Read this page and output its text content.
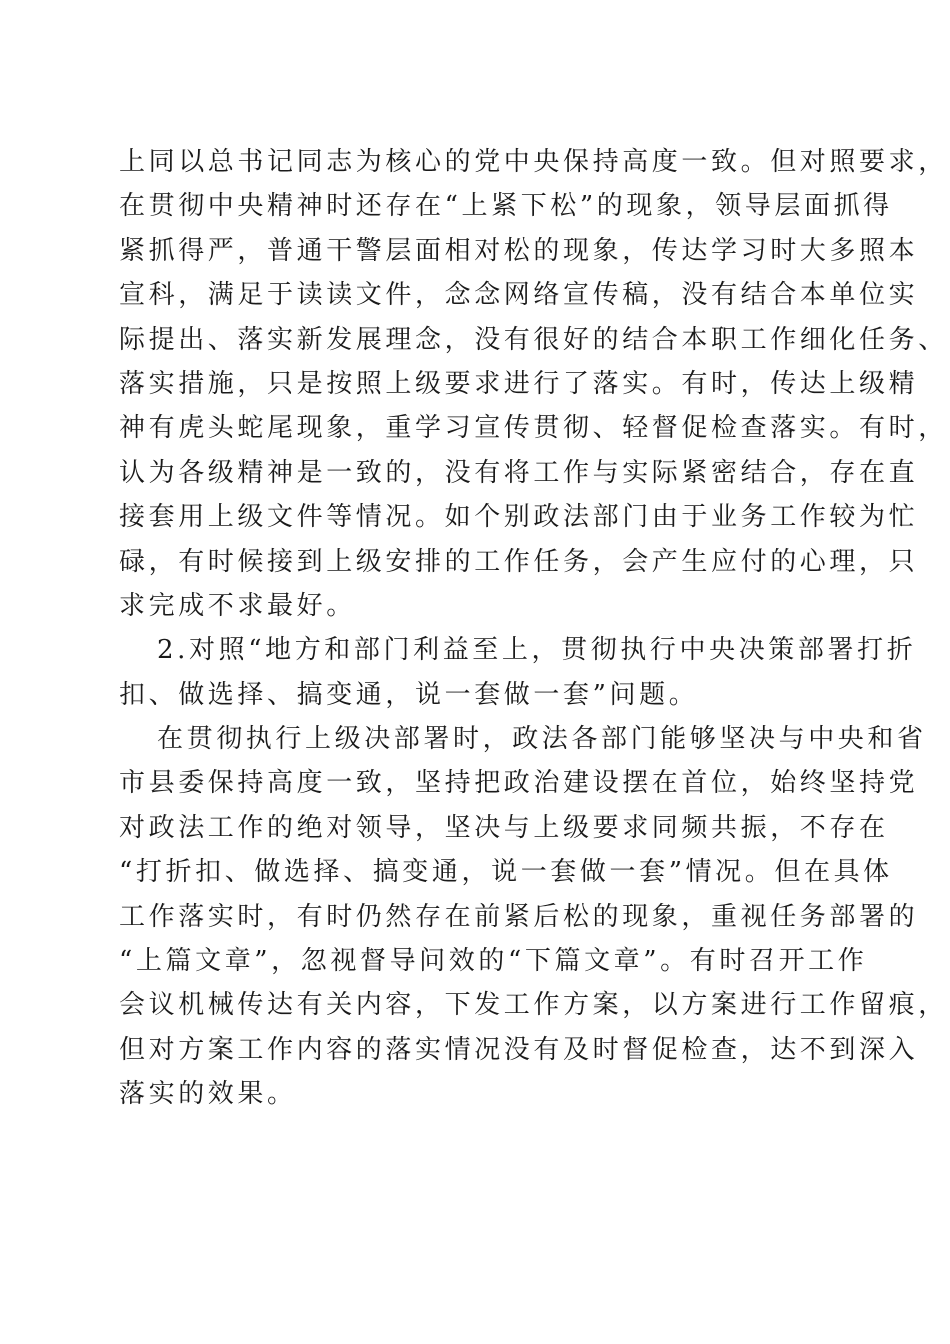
上同以总书记同志为核心的党中央保持高度一致。但对照要求，
在贯彻中央精神时还存在“上紧下松”的现象，领导层面抓得
紧抓得严，普通干警层面相对松的现象，传达学习时大多照本
宣科，满足于读读文件，念念网络宣传稿，没有结合本单位实
际提出、落实新发展理念，没有很好的结合本职工作细化任务、
落实措施，只是按照上级要求进行了落实。有时，传达上级精
神有虎头蛇尾现象，重学习宣传贯彻、轻督促检查落实。有时，
认为各级精神是一致的，没有将工作与实际紧密结合，存在直
接套用上级文件等情况。如个别政法部门由于业务工作较为忙
碌，有时候接到上级安排的工作任务，会产生应付的心理，只
求完成不求最好。
2.对照“地方和部门利益至上，贯彻执行中央决策部署打折
扣、做选择、搞变通，说一套做一套”问题。
在贯彻执行上级决部署时，政法各部门能够坚决与中央和省
市县委保持高度一致，坚持把政治建设摆在首位，始终坚持党
对政法工作的绝对领导，坚决与上级要求同频共振，不存在
“打折扣、做选择、搞变通，说一套做一套”情况。但在具体
工作落实时，有时仍然存在前紧后松的现象，重视任务部署的
“上篇文章”，忽视督导问效的“下篇文章”。有时召开工作
会议机械传达有关内容，下发工作方案，以方案进行工作留痕，
但对方案工作内容的落实情况没有及时督促检查，达不到深入
落实的效果。
